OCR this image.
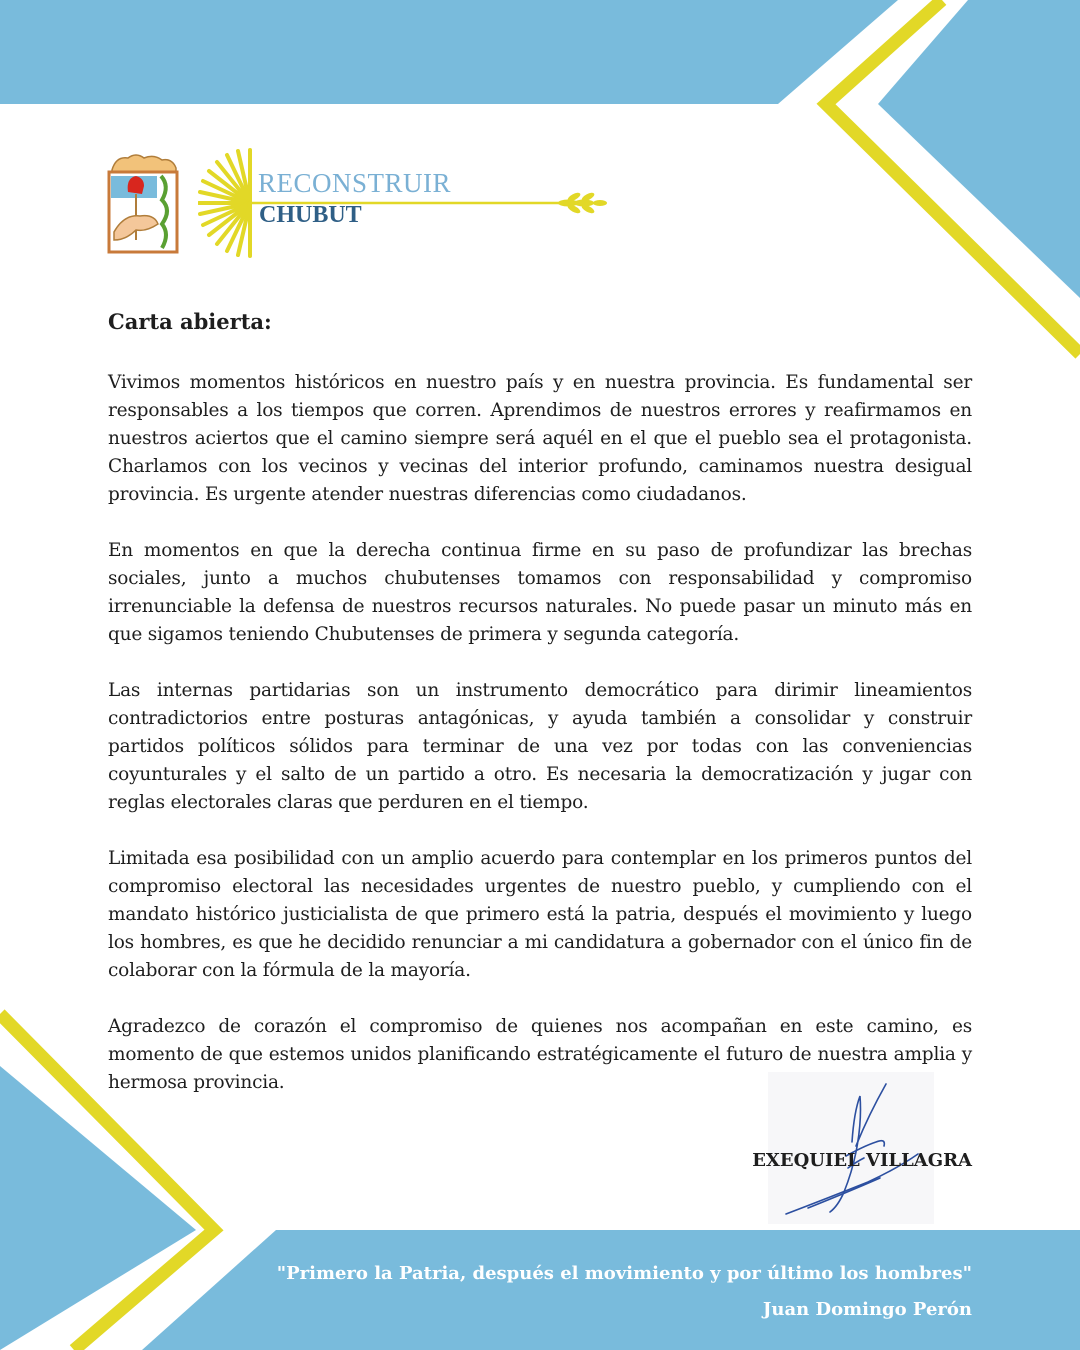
RECONSTRUIR
CHUBUT
Carta abierta:

Vivimos momentos históricos en nuestro país y en nuestra provincia. Es fundamental ser responsables a los tiempos que corren. Aprendimos de nuestros errores y reafirmamos en nuestros aciertos que el camino siempre será aquél en el que el pueblo sea el protagonista. Charlamos con los vecinos y vecinas del interior profundo, caminamos nuestra desigual provincia. Es urgente atender nuestras diferencias como ciudadanos.

En momentos en que la derecha continua firme en su paso de profundizar las brechas sociales, junto a muchos chubutenses tomamos con responsabilidad y compromiso irrenunciable la defensa de nuestros recursos naturales. No puede pasar un minuto más en que sigamos teniendo Chubutenses de primera y segunda categoría.

Las internas partidarias son un instrumento democrático para dirimir lineamientos contradictorios entre posturas antagónicas, y ayuda también a consolidar y construir partidos políticos sólidos para terminar de una vez por todas con las conveniencias coyunturales y el salto de un partido a otro. Es necesaria la democratización y jugar con reglas electorales claras que perduren en el tiempo.

Limitada esa posibilidad con un amplio acuerdo para contemplar en los primeros puntos del compromiso electoral las necesidades urgentes de nuestro pueblo, y cumpliendo con el mandato histórico justicialista de que primero está la patria, después el movimiento y luego los hombres, es que he decidido renunciar a mi candidatura a gobernador con el único fin de colaborar con la fórmula de la mayoría.

Agradezco de corazón el compromiso de quienes nos acompañan en este camino, es momento de que estemos unidos planificando estratégicamente el futuro de nuestra amplia y hermosa provincia.

EXEQUIEL VILLAGRA
"Primero la Patria, después el movimiento y por último los hombres"
Juan Domingo Perón
